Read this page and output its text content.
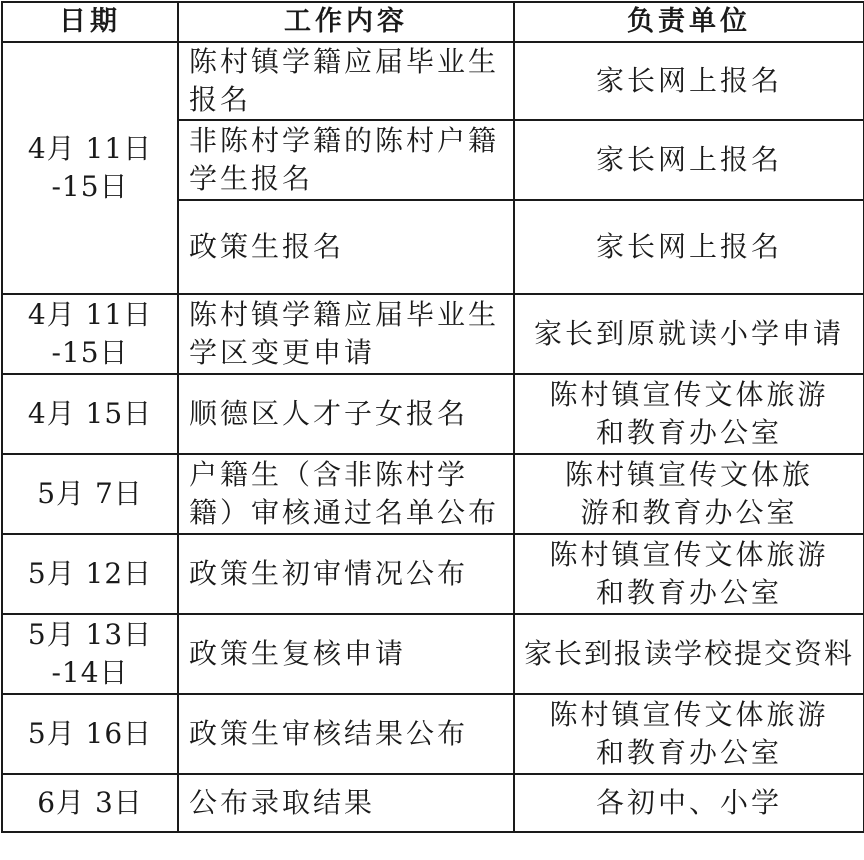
日期	工作内容	负责单位
4月 11日 -15日	陈村镇学籍应届毕业生报名	家长网上报名
	非陈村学籍的陈村户籍学生报名	家长网上报名
	政策生报名	家长网上报名
4月 11日 -15日	陈村镇学籍应届毕业生学区变更申请	家长到原就读小学申请
4月 15日	顺德区人才子女报名	陈村镇宣传文体旅游和教育办公室
5月 7日	户籍生（含非陈村学籍）审核通过名单公布	陈村镇宣传文体旅游和教育办公室
5月 12日	政策生初审情况公布	陈村镇宣传文体旅游和教育办公室
5月 13日 -14日	政策生复核申请	家长到报读学校提交资料
5月 16日	政策生审核结果公布	陈村镇宣传文体旅游和教育办公室
6月 3日	公布录取结果	各初中、小学
